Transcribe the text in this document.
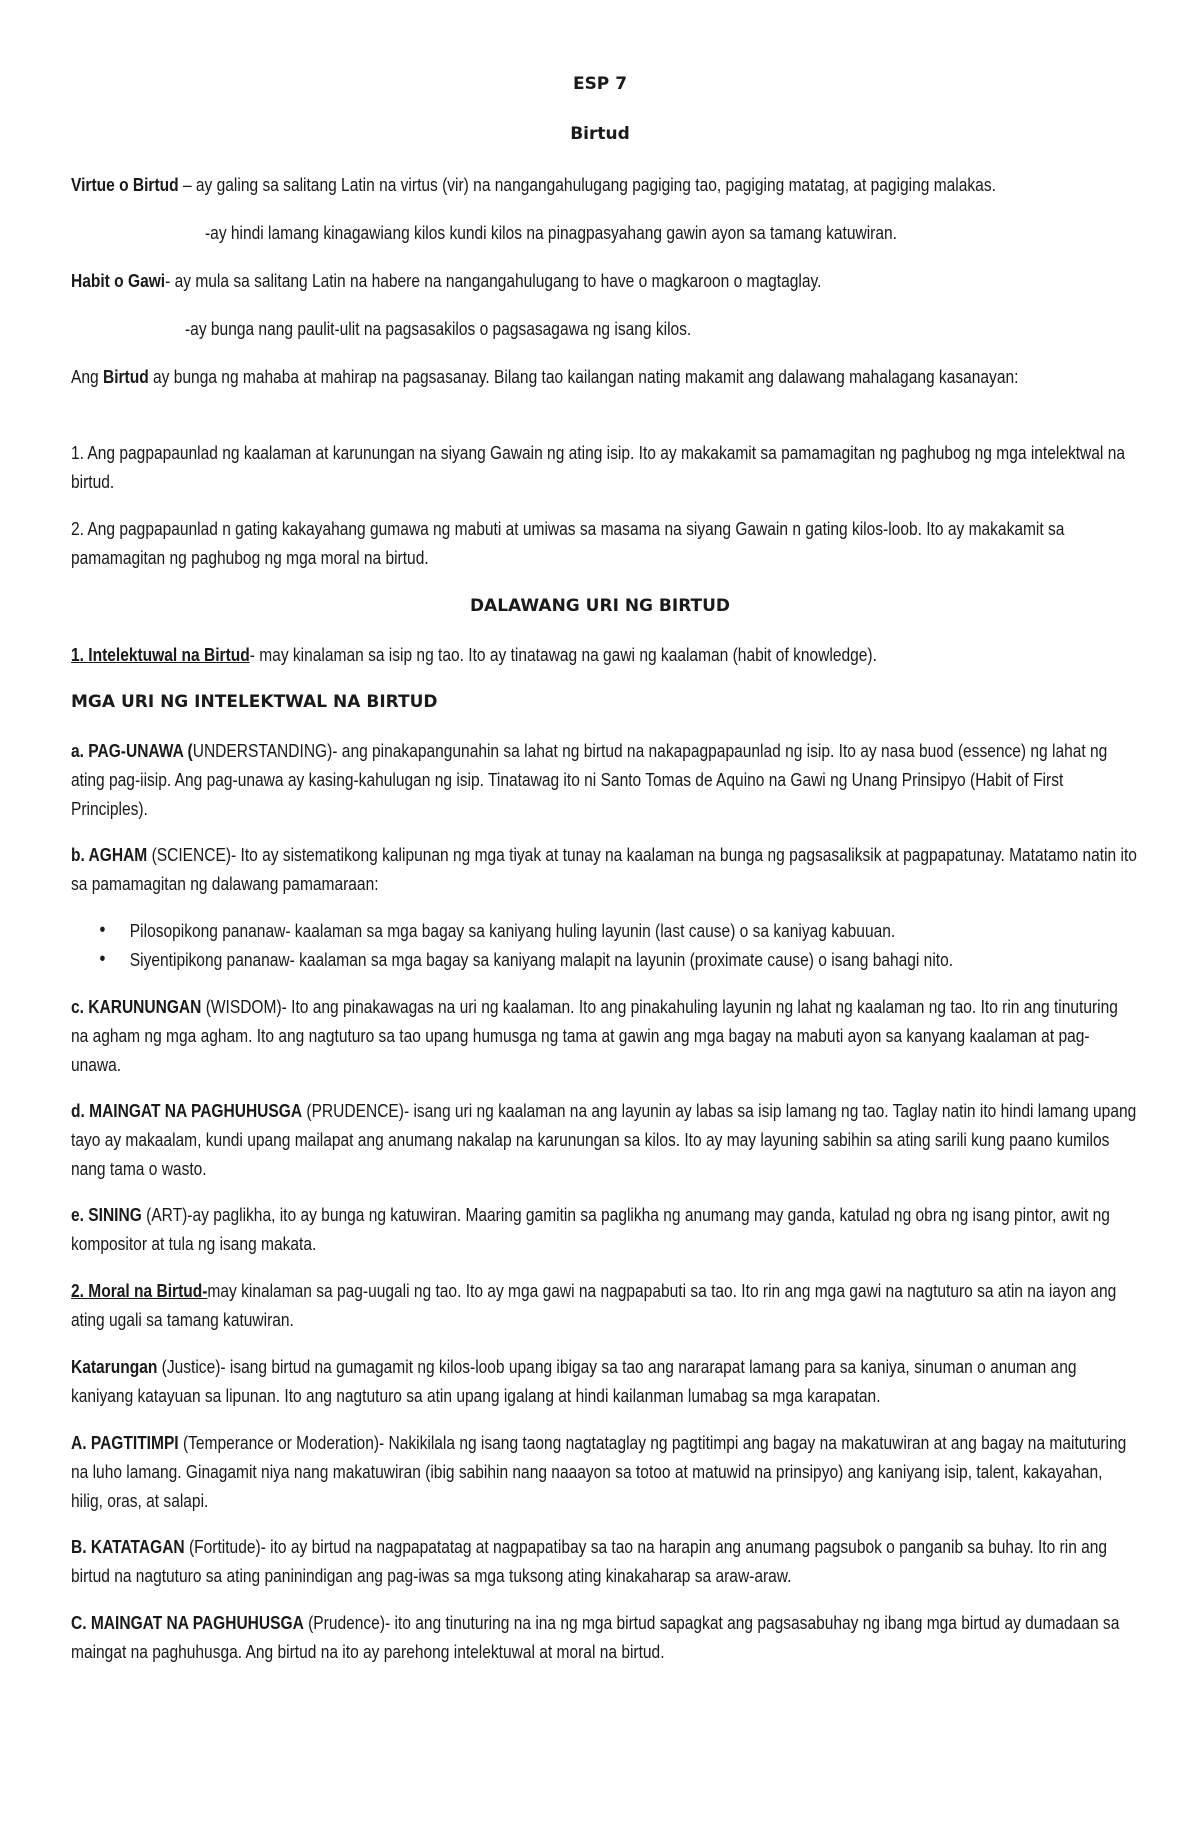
ESP 7
Birtud
Virtue o Birtud – ay galing sa salitang Latin na virtus (vir) na nangangahulugang pagiging tao, pagiging matatag, at pagiging malakas.
-ay hindi lamang kinagawiang kilos kundi kilos na pinagpasyahang gawin ayon sa tamang katuwiran.
Habit o Gawi- ay mula sa salitang Latin na habere na nangangahulugang to have o magkaroon o magtaglay.
-ay bunga nang paulit-ulit na pagsasakilos o pagsasagawa ng isang kilos.
Ang Birtud ay bunga ng mahaba at mahirap na pagsasanay. Bilang tao kailangan nating makamit ang dalawang mahalagang kasanayan:
1. Ang pagpapaunlad ng kaalaman at karunungan na siyang Gawain ng ating isip. Ito ay makakamit sa pamamagitan ng paghubog ng mga intelektwal na birtud.
2. Ang pagpapaunlad n gating kakayahang gumawa ng mabuti at umiwas sa masama na siyang Gawain n gating kilos-loob. Ito ay makakamit sa pamamagitan ng paghubog ng mga moral na birtud.
DALAWANG URI NG BIRTUD
1. Intelektuwal na Birtud- may kinalaman sa isip ng tao. Ito ay tinatawag na gawi ng kaalaman (habit of knowledge).
MGA URI NG INTELEKTWAL NA BIRTUD
a. PAG-UNAWA (UNDERSTANDING)- ang pinakapangunahin sa lahat ng birtud na nakapagpapaunlad ng isip. Ito ay nasa buod (essence) ng lahat ng ating pag-iisip. Ang pag-unawa ay kasing-kahulugan ng isip. Tinatawag ito ni Santo Tomas de Aquino na Gawi ng Unang Prinsipyo (Habit of First Principles).
b. AGHAM (SCIENCE)- Ito ay sistematikong kalipunan ng mga tiyak at tunay na kaalaman na bunga ng pagsasaliksik at pagpapatunay. Matatamo natin ito sa pamamagitan ng dalawang pamamaraan:
• Pilosopikong pananaw- kaalaman sa mga bagay sa kaniyang huling layunin (last cause) o sa kaniyag kabuuan.
• Siyentipikong pananaw- kaalaman sa mga bagay sa kaniyang malapit na layunin (proximate cause) o isang bahagi nito.
c. KARUNUNGAN (WISDOM)- Ito ang pinakawagas na uri ng kaalaman. Ito ang pinakahuling layunin ng lahat ng kaalaman ng tao. Ito rin ang tinuturing na agham ng mga agham. Ito ang nagtuturo sa tao upang humusga ng tama at gawin ang mga bagay na mabuti ayon sa kanyang kaalaman at pag-unawa.
d. MAINGAT NA PAGHUHUSGA (PRUDENCE)- isang uri ng kaalaman na ang layunin ay labas sa isip lamang ng tao. Taglay natin ito hindi lamang upang tayo ay makaalam, kundi upang mailapat ang anumang nakalap na karunungan sa kilos. Ito ay may layuning sabihin sa ating sarili kung paano kumilos nang tama o wasto.
e. SINING (ART)-ay paglikha, ito ay bunga ng katuwiran. Maaring gamitin sa paglikha ng anumang may ganda, katulad ng obra ng isang pintor, awit ng kompositor at tula ng isang makata.
2. Moral na Birtud-may kinalaman sa pag-uugali ng tao. Ito ay mga gawi na nagpapabuti sa tao. Ito rin ang mga gawi na nagtuturo sa atin na iayon ang ating ugali sa tamang katuwiran.
Katarungan (Justice)- isang birtud na gumagamit ng kilos-loob upang ibigay sa tao ang nararapat lamang para sa kaniya, sinuman o anuman ang kaniyang katayuan sa lipunan. Ito ang nagtuturo sa atin upang igalang at hindi kailanman lumabag sa mga karapatan.
A. PAGTITIMPI (Temperance or Moderation)- Nakikilala ng isang taong nagtataglay ng pagtitimpi ang bagay na makatuwiran at ang bagay na maituturing na luho lamang. Ginagamit niya nang makatuwiran (ibig sabihin nang naaayon sa totoo at matuwid na prinsipyo) ang kaniyang isip, talent, kakayahan, hilig, oras, at salapi.
B. KATATAGAN (Fortitude)- ito ay birtud na nagpapatatag at nagpapatibay sa tao na harapin ang anumang pagsubok o panganib sa buhay. Ito rin ang birtud na nagtuturo sa ating paninindigan ang pag-iwas sa mga tuksong ating kinakaharap sa araw-araw.
C. MAINGAT NA PAGHUHUSGA (Prudence)- ito ang tinuturing na ina ng mga birtud sapagkat ang pagsasabuhay ng ibang mga birtud ay dumadaan sa maingat na paghuhusga. Ang birtud na ito ay parehong intelektuwal at moral na birtud.
